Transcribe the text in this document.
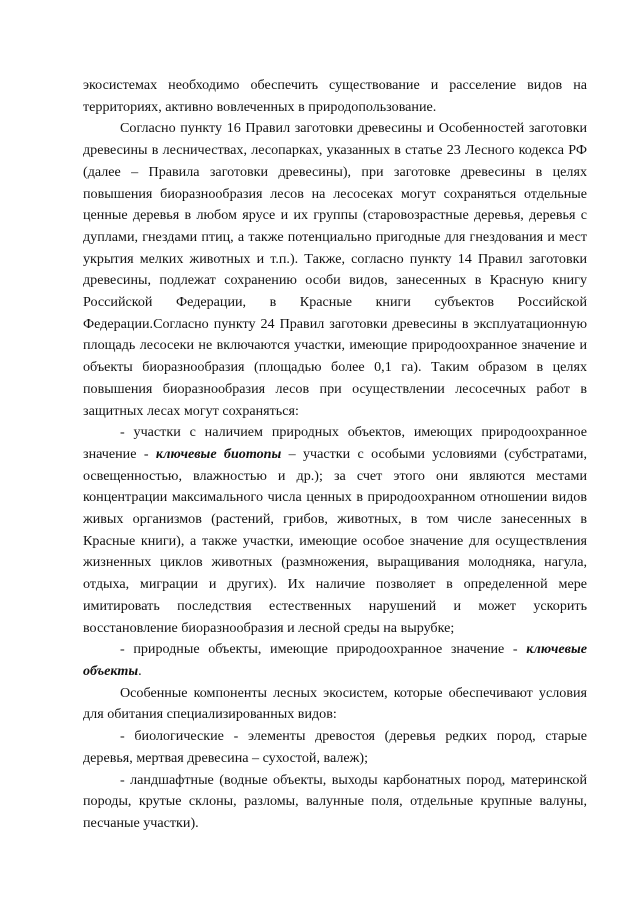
экосистемах необходимо обеспечить существование и расселение видов на территориях, активно вовлеченных в природопользование.

Согласно пункту 16 Правил заготовки древесины и Особенностей заготовки древесины в лесничествах, лесопарках, указанных в статье 23 Лесного кодекса РФ (далее – Правила заготовки древесины), при заготовке древесины в целях повышения биоразнообразия лесов на лесосеках могут сохраняться отдельные ценные деревья в любом ярусе и их группы (старовозрастные деревья, деревья с дуплами, гнездами птиц, а также потенциально пригодные для гнездования и мест укрытия мелких животных и т.п.). Также, согласно пункту 14 Правил заготовки древесины, подлежат сохранению особи видов, занесенных в Красную книгу Российской Федерации, в Красные книги субъектов Российской Федерации.Согласно пункту 24 Правил заготовки древесины в эксплуатационную площадь лесосеки не включаются участки, имеющие природоохранное значение и объекты биоразнообразия (площадью более 0,1 га). Таким образом в целях повышения биоразнообразия лесов при осуществлении лесосечных работ в защитных лесах могут сохраняться:

- участки с наличием природных объектов, имеющих природоохранное значение - ключевые биотопы – участки с особыми условиями (субстратами, освещенностью, влажностью и др.); за счет этого они являются местами концентрации максимального числа ценных в природоохранном отношении видов живых организмов (растений, грибов, животных, в том числе занесенных в Красные книги), а также участки, имеющие особое значение для осуществления жизненных циклов животных (размножения, выращивания молодняка, нагула, отдыха, миграции и других). Их наличие позволяет в определенной мере имитировать последствия естественных нарушений и может ускорить восстановление биоразнообразия и лесной среды на вырубке;

- природные объекты, имеющие природоохранное значение - ключевые объекты.

Особенные компоненты лесных экосистем, которые обеспечивают условия для обитания специализированных видов:

- биологические - элементы древостоя (деревья редких пород, старые деревья, мертвая древесина – сухостой, валеж);

- ландшафтные (водные объекты, выходы карбонатных пород, материнской породы, крутые склоны, разломы, валунные поля, отдельные крупные валуны, песчаные участки).
